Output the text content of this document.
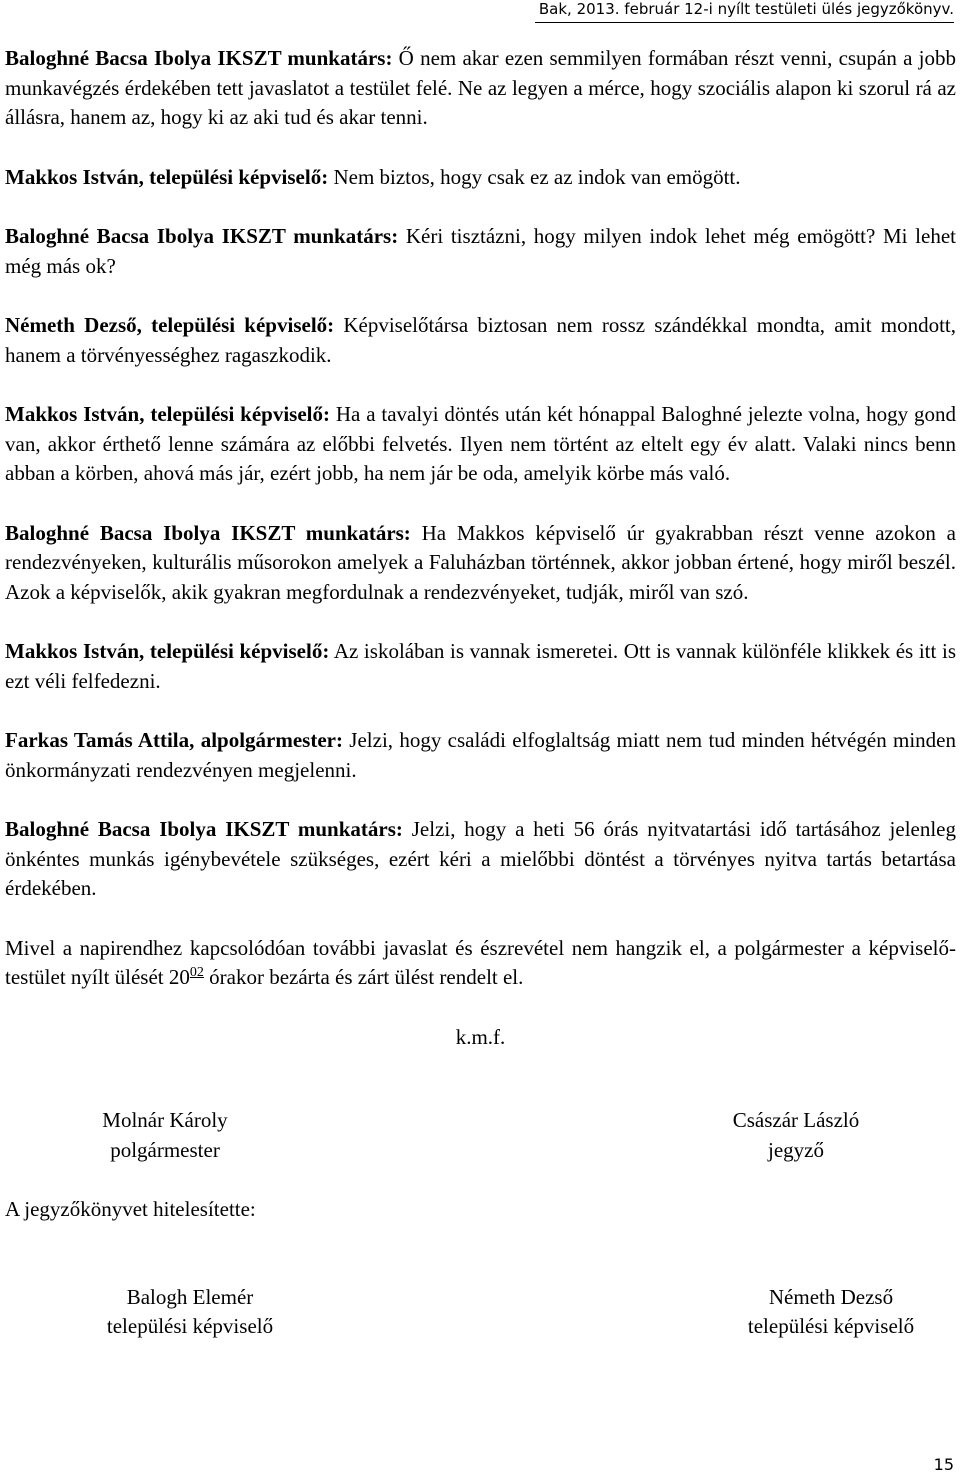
Bak, 2013. február 12-i nyílt testületi ülés jegyzőkönyv.

Baloghné Bacsa Ibolya IKSZT munkatárs: Ő nem akar ezen semmilyen formában részt venni, csupán a jobb munkavégzés érdekében tett javaslatot a testület felé. Ne az legyen a mérce, hogy szociális alapon ki szorul rá az állásra, hanem az, hogy ki az aki tud és akar tenni.

Makkos István, települési képviselő: Nem biztos, hogy csak ez az indok van emögött.

Baloghné Bacsa Ibolya IKSZT munkatárs: Kéri tisztázni, hogy milyen indok lehet még emögött? Mi lehet még más ok?

Németh Dezső, települési képviselő: Képviselőtársa biztosan nem rossz szándékkal mondta, amit mondott, hanem a törvényességhez ragaszkodik.

Makkos István, települési képviselő: Ha a tavalyi döntés után két hónappal Baloghné jelezte volna, hogy gond van, akkor érthető lenne számára az előbbi felvetés. Ilyen nem történt az eltelt egy év alatt. Valaki nincs benn abban a körben, ahová más jár, ezért jobb, ha nem jár be oda, amelyik körbe más való.

Baloghné Bacsa Ibolya IKSZT munkatárs: Ha Makkos képviselő úr gyakrabban részt venne azokon a rendezvényeken, kulturális műsorokon amelyek a Faluházban történnek, akkor jobban értené, hogy miről beszél. Azok a képviselők, akik gyakran megfordulnak a rendezvényeket, tudják, miről van szó.

Makkos István, települési képviselő: Az iskolában is vannak ismeretei. Ott is vannak különféle klikkek és itt is ezt véli felfedezni.

Farkas Tamás Attila, alpolgármester: Jelzi, hogy családi elfoglaltság miatt nem tud minden hétvégén minden önkormányzati rendezvényen megjelenni.

Baloghné Bacsa Ibolya IKSZT munkatárs: Jelzi, hogy a heti 56 órás nyitvatartási idő tartásához jelenleg önkéntes munkás igénybevétele szükséges, ezért kéri a mielőbbi döntést a törvényes nyitva tartás betartása érdekében.

Mivel a napirendhez kapcsolódóan további javaslat és észrevétel nem hangzik el, a polgármester a képviselő-testület nyílt ülését $20^{02}$ órakor bezárta és zárt ülést rendelt el.

k.m.f.
Molnár Károly
polgármester
Császár László
jegyző
A jegyzőkönyvet hitelesítette:
Balogh Elemér
települési képviselő
Németh Dezső
települési képviselő
15
